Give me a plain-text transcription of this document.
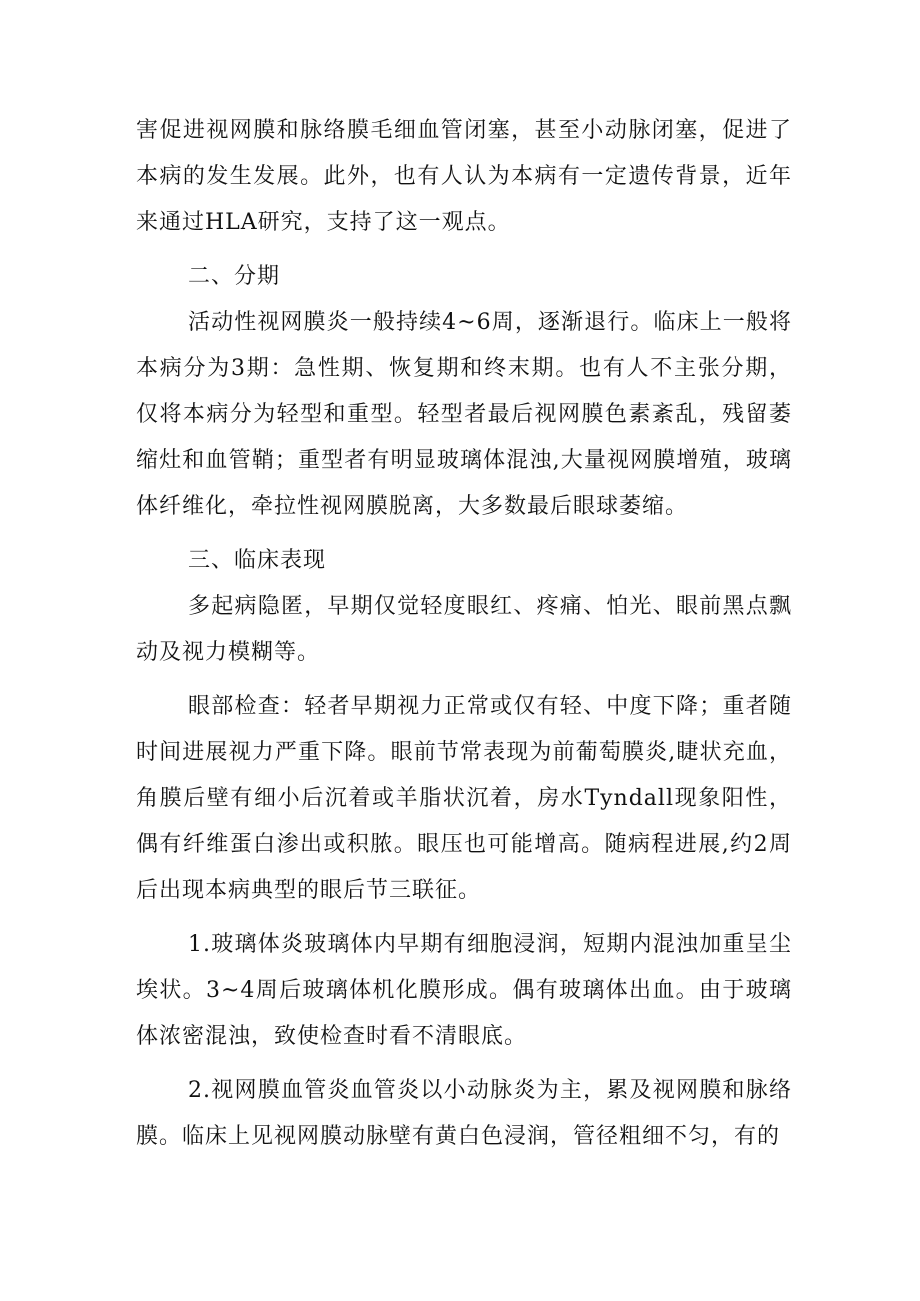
害促进视网膜和脉络膜毛细血管闭塞，甚至小动脉闭塞，促进了本病的发生发展。此外，也有人认为本病有一定遗传背景，近年来通过HLA研究，支持了这一观点。

二、分期

活动性视网膜炎一般持续4~6周，逐渐退行。临床上一般将本病分为3期：急性期、恢复期和终末期。也有人不主张分期，仅将本病分为轻型和重型。轻型者最后视网膜色素紊乱，残留萎缩灶和血管鞘；重型者有明显玻璃体混浊,大量视网膜增殖，玻璃体纤维化，牵拉性视网膜脱离，大多数最后眼球萎缩。

三、临床表现

多起病隐匿，早期仅觉轻度眼红、疼痛、怕光、眼前黑点飘动及视力模糊等。

眼部检查：轻者早期视力正常或仅有轻、中度下降；重者随时间进展视力严重下降。眼前节常表现为前葡萄膜炎,睫状充血，角膜后壁有细小后沉着或羊脂状沉着，房水Tyndall现象阳性，偶有纤维蛋白渗出或积脓。眼压也可能增高。随病程进展,约2周后出现本病典型的眼后节三联征。

1.玻璃体炎玻璃体内早期有细胞浸润，短期内混浊加重呈尘埃状。3~4周后玻璃体机化膜形成。偶有玻璃体出血。由于玻璃体浓密混浊，致使检查时看不清眼底。

2.视网膜血管炎血管炎以小动脉炎为主，累及视网膜和脉络膜。临床上见视网膜动脉壁有黄白色浸润，管径粗细不匀，有的
